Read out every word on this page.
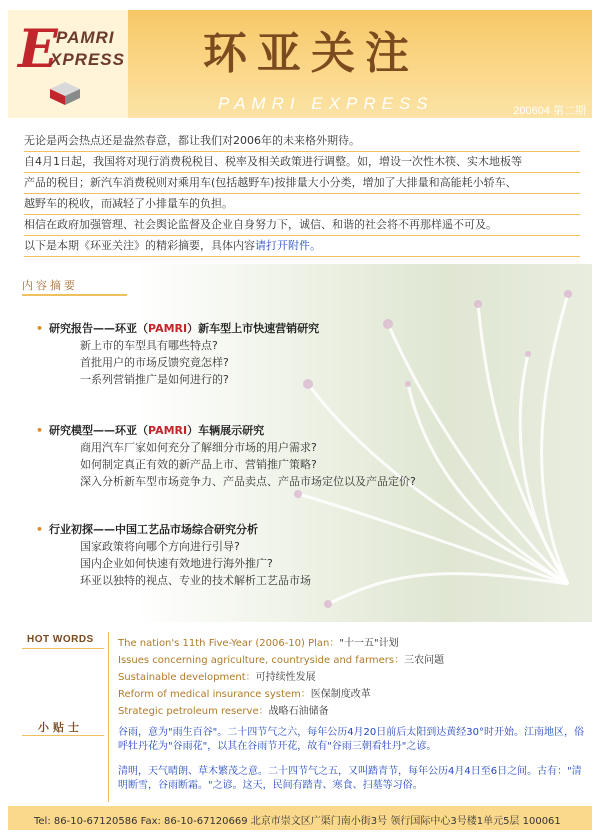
E
PAMRI
XPRESS 环亚关注
PAMRI EXPRESS	200604 第二期
无论是两会热点还是盎然春意，都让我们对2006年的未来格外期待。
自4月1日起，我国将对现行消费税税目、税率及相关政策进行调整。如，增设一次性木筷、实木地板等
产品的税目；新汽车消费税则对乘用车(包括越野车)按排量大小分类，增加了大排量和高能耗小轿车、
越野车的税收，而减轻了小排量车的负担。
相信在政府加强管理、社会舆论监督及企业自身努力下，诚信、和谐的社会将不再那样遥不可及。
以下是本期《环亚关注》的精彩摘要，具体内容请打开附件。
内容摘要
• 研究报告——环亚（PAMRI）新车型上市快速营销研究
新上市的车型具有哪些特点?
首批用户的市场反馈究竟怎样?
一系列营销推广是如何进行的?
• 研究模型——环亚（PAMRI）车辆展示研究
商用汽车厂家如何充分了解细分市场的用户需求?
如何制定真正有效的新产品上市、营销推广策略?
深入分析新车型市场竞争力、产品卖点、产品市场定位以及产品定价?
• 行业初探——中国工艺品市场综合研究分析
国家政策将向哪个方向进行引导?
国内企业如何快速有效地进行海外推广?
环亚以独特的视点、专业的技术解析工艺品市场
HOT WORDS The nation's 11th Five-Year (2006-10) Plan："十一五"计划
Issues concerning agriculture, countryside and farmers：三农问题
Sustainable development：可持续性发展
Reform of medical insurance system：医保制度改革
Strategic petroleum reserve：战略石油储备
小贴士	谷雨，意为"雨生百谷"。二十四节气之六，每年公历4月20日前后太阳到达黄经30°时开始。江南地区，俗呼牡丹花为"谷雨花"，以其在谷雨节开花，故有"谷雨三朝看牡丹"之谚。
清明，天气晴朗、草木繁茂之意。二十四节气之五，又叫踏青节，每年公历4月4日至6日之间。古有："清明断雪，谷雨断霜。"之谚。这天，民间有踏青、寒食、扫墓等习俗。
Tel: 86-10-67120586 Fax: 86-10-67120669 北京市崇文区广渠门南小街3号 领行国际中心3号楼1单元5层 100061
